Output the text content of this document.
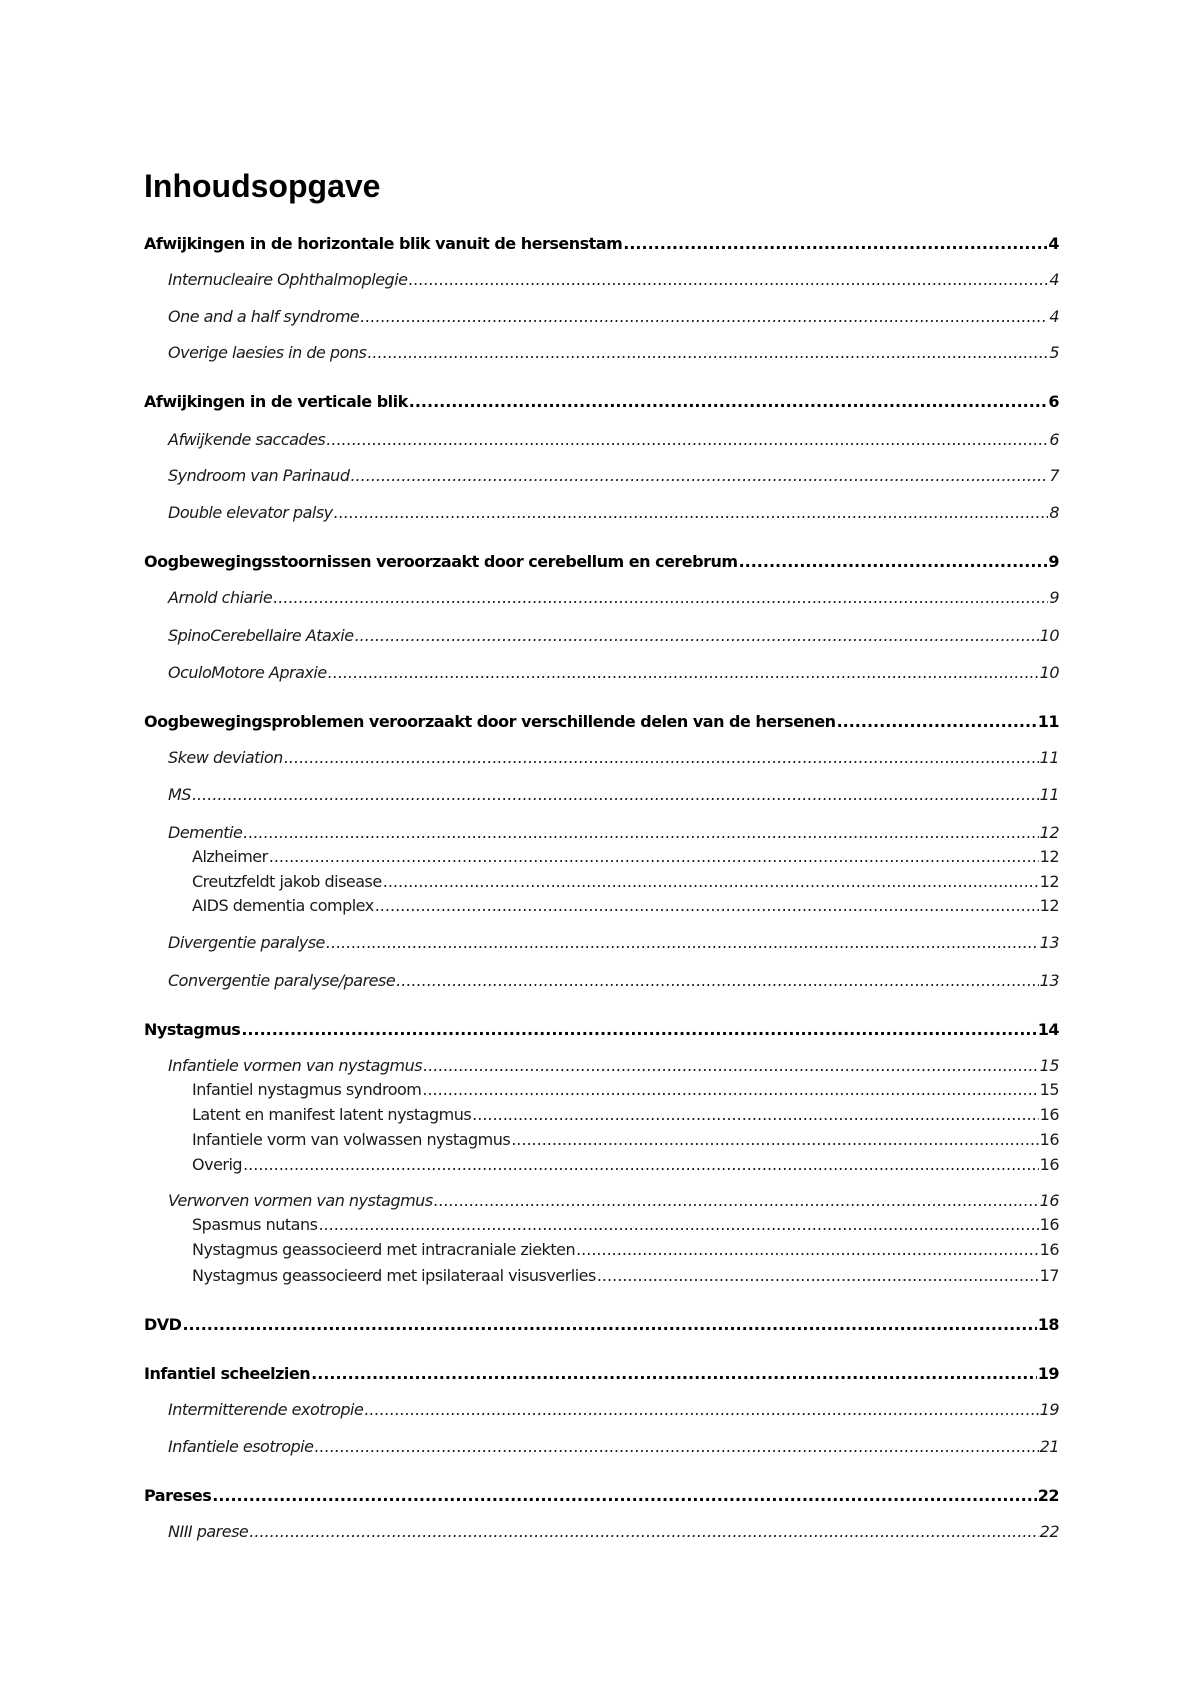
Inhoudsopgave
Afwijkingen in de horizontale blik vanuit de hersenstam .....	4
Internucleaire Ophthalmoplegie .....	4
One and a half syndrome .....	4
Overige laesies in de pons .....	5
Afwijkingen in de verticale blik .....	6
Afwijkende saccades .....	6
Syndroom van Parinaud .....	7
Double elevator palsy .....	8
Oogbewegingsstoornissen veroorzaakt door cerebellum en cerebrum .....	9
Arnold chiarie .....	9
SpinoCerebellaire Ataxie .....	10
OculoMotore Apraxie .....	10
Oogbewegingsproblemen veroorzaakt door verschillende delen van de hersenen .....	11
Skew deviation .....	11
MS .....	11
Dementie .....	12
Alzheimer .....	12
Creutzfeldt jakob disease .....	12
AIDS dementia complex .....	12
Divergentie paralyse .....	13
Convergentie paralyse/parese .....	13
Nystagmus .....	14
Infantiele vormen van nystagmus .....	15
Infantiel nystagmus syndroom .....	15
Latent en manifest latent nystagmus .....	16
Infantiele vorm van volwassen nystagmus .....	16
Overig .....	16
Verworven vormen van nystagmus .....	16
Spasmus nutans .....	16
Nystagmus geassocieerd met intracraniale ziekten .....	16
Nystagmus geassocieerd met ipsilateraal visusverlies .....	17
DVD .....	18
Infantiel scheelzien .....	19
Intermitterende exotropie .....	19
Infantiele esotropie .....	21
Pareses .....	22
NIII parese .....	22
